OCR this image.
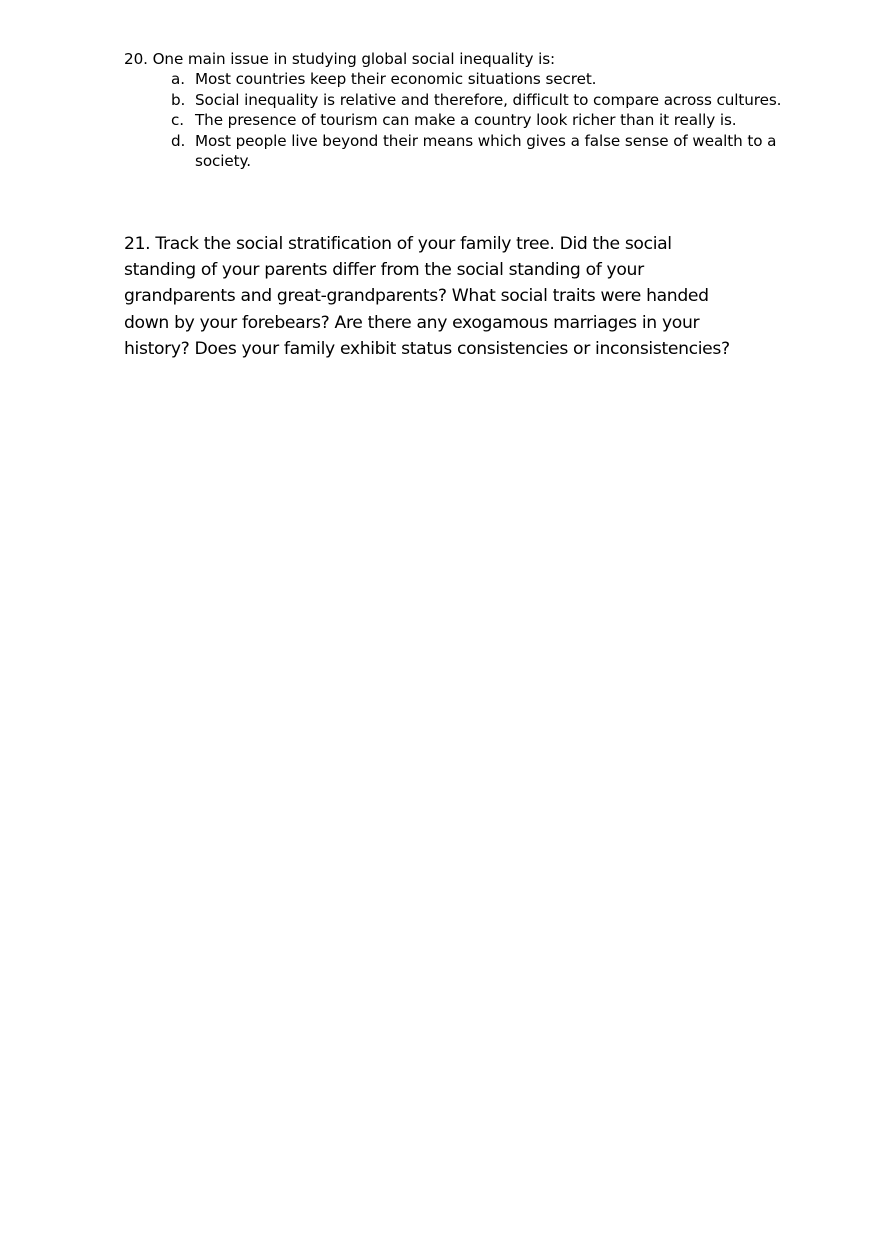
20. One main issue in studying global social inequality is:

a. Most countries keep their economic situations secret.
b. Social inequality is relative and therefore, difficult to compare across cultures.
c. The presence of tourism can make a country look richer than it really is.
d. Most people live beyond their means which gives a false sense of wealth to a society.

21. Track the social stratification of your family tree. Did the social standing of your parents differ from the social standing of your grandparents and great-grandparents? What social traits were handed down by your forebears? Are there any exogamous marriages in your history? Does your family exhibit status consistencies or inconsistencies?
